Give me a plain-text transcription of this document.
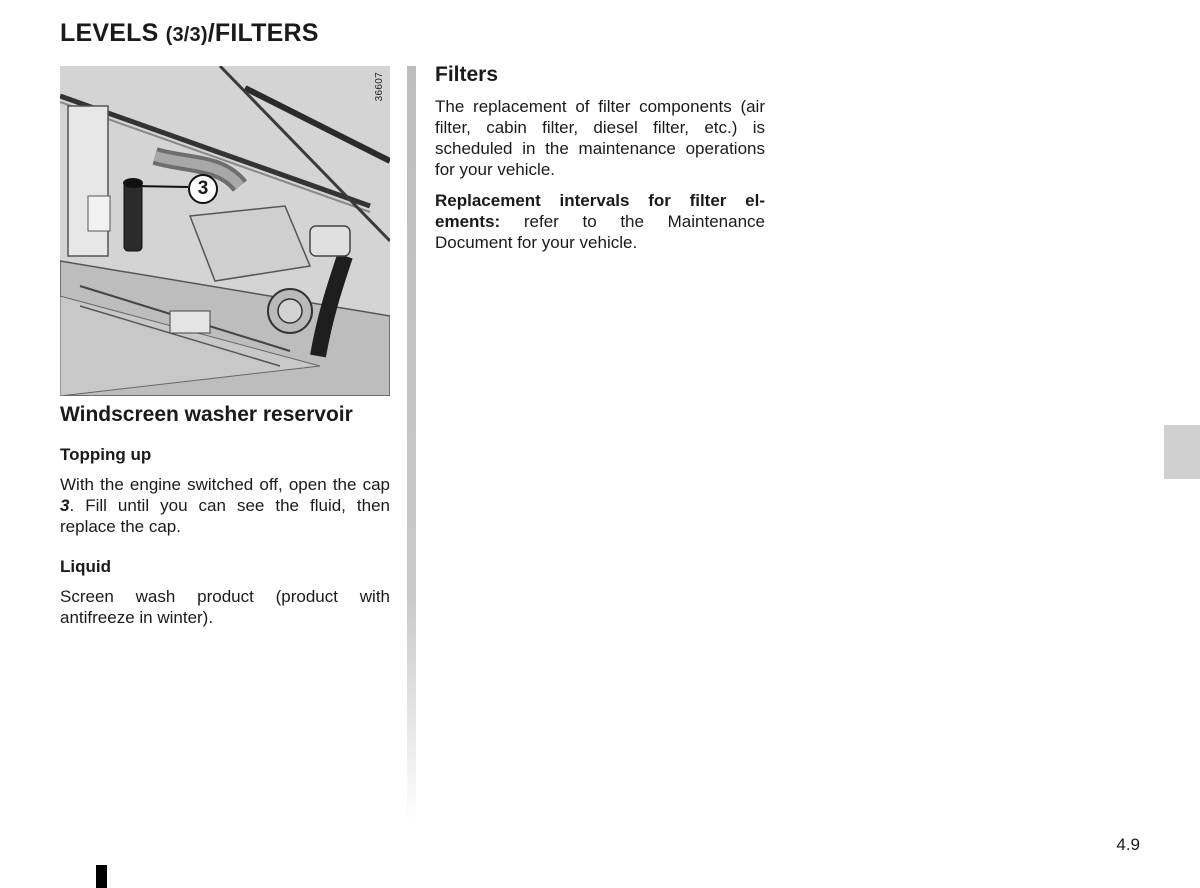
LEVELS (3/3)/FILTERS
36607
3
Windscreen washer reservoir
Topping up

With the engine switched off, open the cap 3. Fill until you can see the fluid, then replace the cap.

Liquid

Screen wash product (product with antifreeze in winter).

Filters

The replacement of filter components (air filter, cabin filter, diesel filter, etc.) is scheduled in the maintenance operations for your vehicle.

Replacement intervals for filter elements: refer to the Maintenance Document for your vehicle.

4.9
